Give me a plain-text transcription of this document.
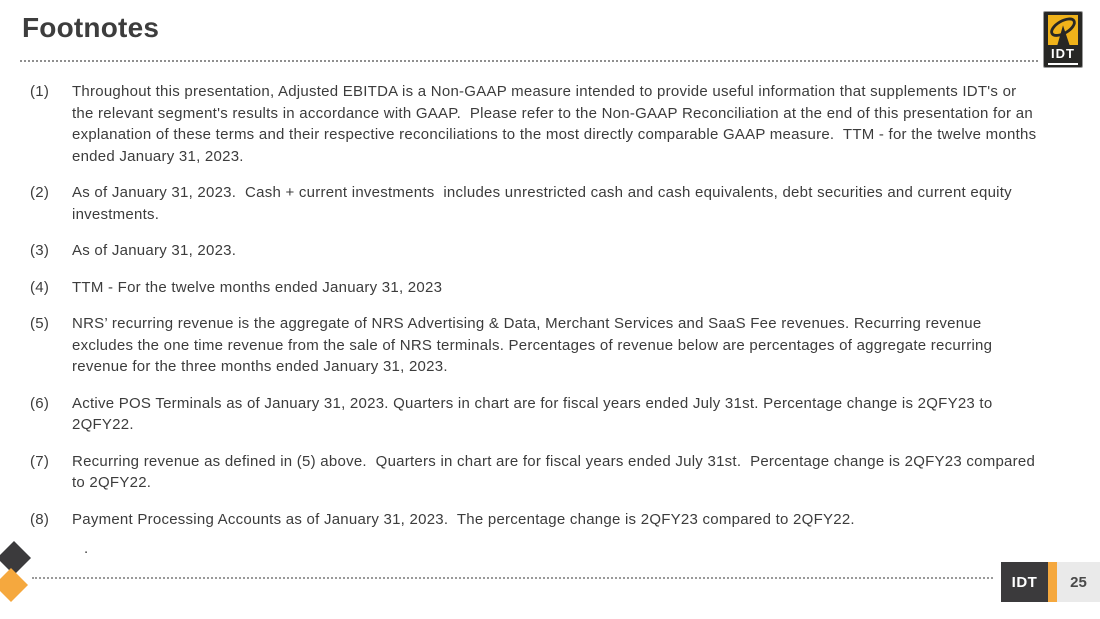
Footnotes
IDT
(1)	Throughout this presentation, Adjusted EBITDA is a Non-GAAP measure intended to provide useful information that supplements IDT's or the relevant segment's results in accordance with GAAP.  Please refer to the Non-GAAP Reconciliation at the end of this presentation for an explanation of these terms and their respective reconciliations to the most directly comparable GAAP measure.  TTM - for the twelve months ended January 31, 2023.
(2)	As of January 31, 2023.  Cash + current investments  includes unrestricted cash and cash equivalents, debt securities and current equity investments.
(3)	As of January 31, 2023.
(4)	TTM - For the twelve months ended January 31, 2023
(5)	NRS’ recurring revenue is the aggregate of NRS Advertising & Data, Merchant Services and SaaS Fee revenues. Recurring revenue excludes the one time revenue from the sale of NRS terminals. Percentages of revenue below are percentages of aggregate recurring revenue for the three months ended January 31, 2023.
(6)	Active POS Terminals as of January 31, 2023. Quarters in chart are for fiscal years ended July 31st. Percentage change is 2QFY23 to 2QFY22.
(7)	Recurring revenue as defined in (5) above.  Quarters in chart are for fiscal years ended July 31st.  Percentage change is 2QFY23 compared to 2QFY22.
(8)	Payment Processing Accounts as of January 31, 2023.  The percentage change is 2QFY23 compared to 2QFY22.
.
IDT	25
